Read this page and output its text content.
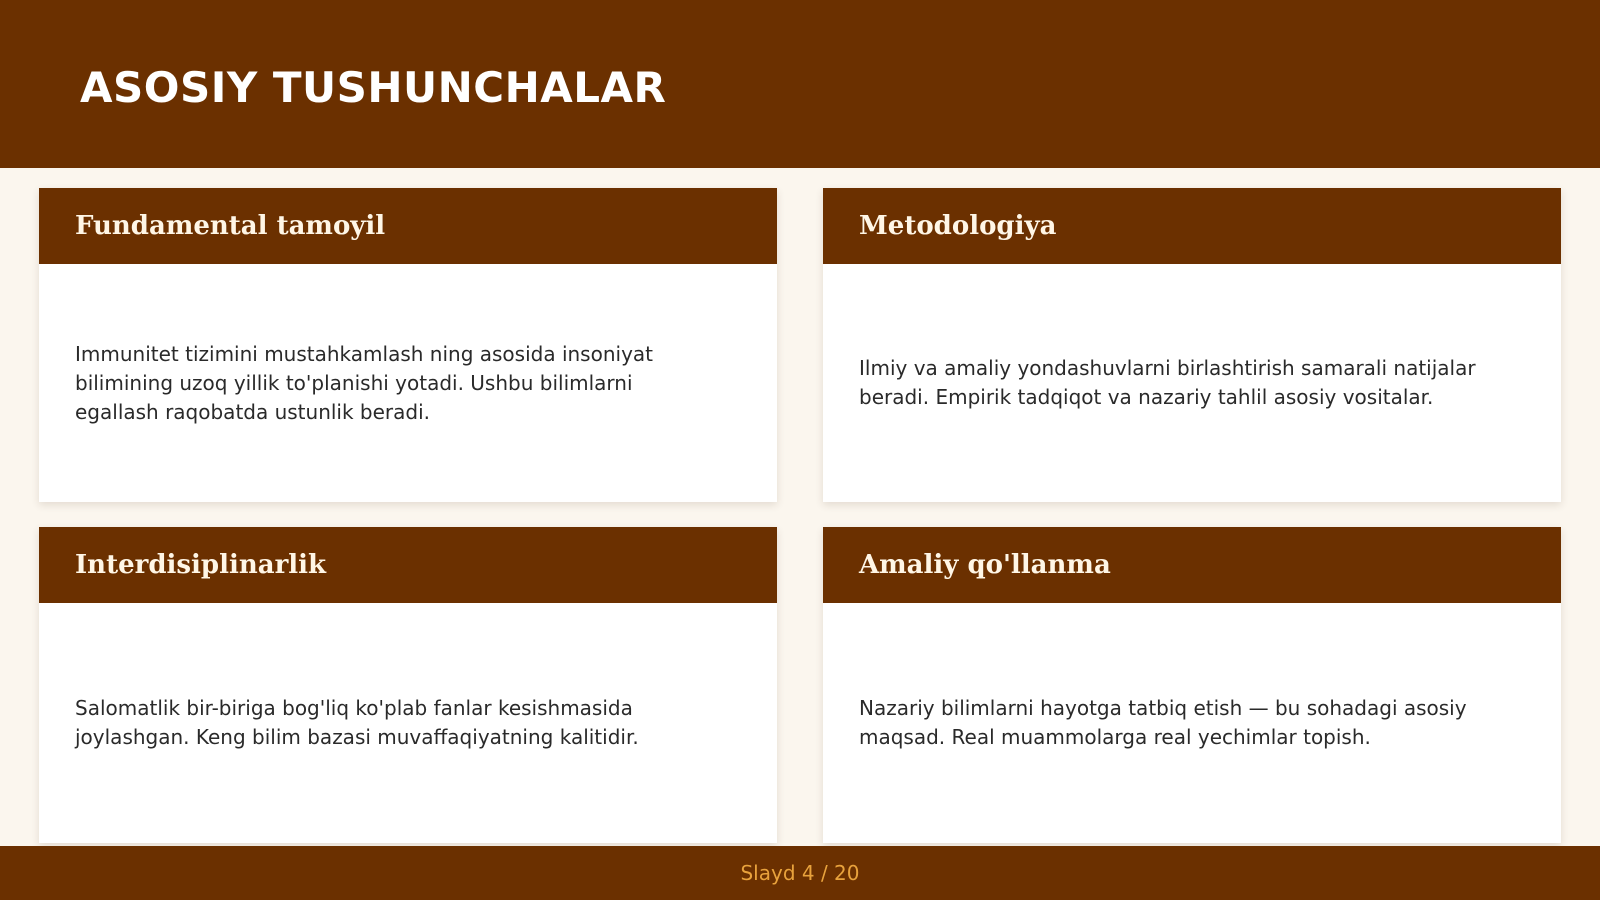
ASOSIY TUSHUNCHALAR
Fundamental tamoyil

Immunitet tizimini mustahkamlash ning asosida insoniyat bilimining uzoq yillik to'planishi yotadi. Ushbu bilimlarni egallash raqobatda ustunlik beradi.

Metodologiya

Ilmiy va amaliy yondashuvlarni birlashtirish samarali natijalar beradi. Empirik tadqiqot va nazariy tahlil asosiy vositalar.

Interdisiplinarlik

Salomatlik bir-biriga bog'liq ko'plab fanlar kesishmasida joylashgan. Keng bilim bazasi muvaffaqiyatning kalitidir.

Amaliy qo'llanma

Nazariy bilimlarni hayotga tatbiq etish — bu sohadagi asosiy maqsad. Real muammolarga real yechimlar topish.

Slayd 4 / 20
